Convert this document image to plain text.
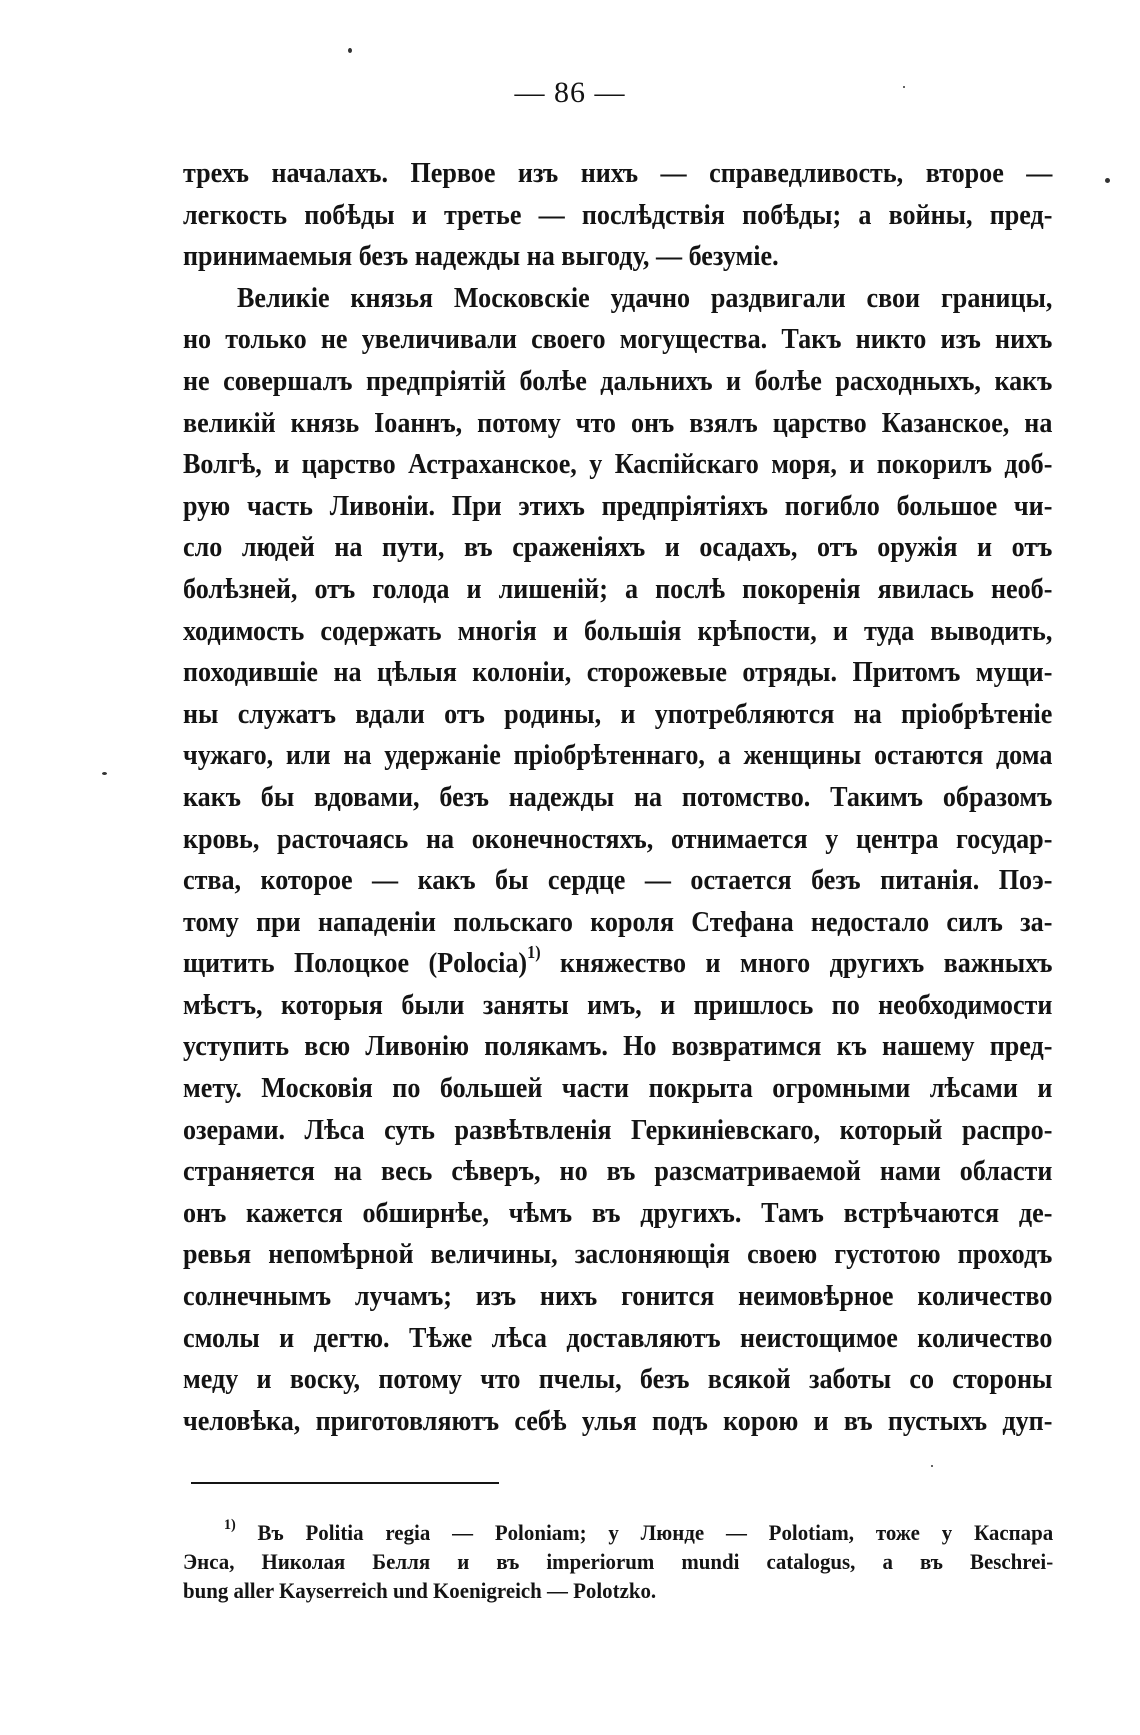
— 86 —
трехъ началахъ. Первое изъ нихъ — справедливость, второе —
легкость побѣды и третье — послѣдствія побѣды; а войны, пред-
принимаемыя безъ надежды на выгоду, — безуміе.
Великіе князья Московскіе удачно раздвигали свои границы,
но только не увеличивали своего могущества. Такъ никто изъ нихъ
не совершалъ предпріятій болѣе дальнихъ и болѣе расходныхъ, какъ
великій князь Іоаннъ, потому что онъ взялъ царство Казанское, на
Волгѣ, и царство Астраханское, у Каспійскаго моря, и покорилъ доб-
рую часть Ливоніи. При этихъ предпріятіяхъ погибло большое чи-
сло людей на пути, въ сраженіяхъ и осадахъ, отъ оружія и отъ
болѣзней, отъ голода и лишеній; а послѣ покоренія явилась необ-
ходимость содержать многія и большія крѣпости, и туда выводить,
походившіе на цѣлыя колоніи, сторожевые отряды. Притомъ мущи-
ны служатъ вдали отъ родины, и употребляются на пріобрѣтеніе
чужаго, или на удержаніе пріобрѣтеннаго, а женщины остаются дома
какъ бы вдовами, безъ надежды на потомство. Такимъ образомъ
кровь, расточаясь на оконечностяхъ, отнимается у центра государ-
ства, которое — какъ бы сердце — остается безъ питанія. Поэ-
тому при нападеніи польскаго короля Стефана недостало силъ за-
щитить Полоцкое (Polocia)$^{1)}$ княжество и много другихъ важныхъ
мѣстъ, которыя были заняты имъ, и пришлось по необходимости
уступить всю Ливонію полякамъ. Но возвратимся къ нашему пред-
мету. Московія по большей части покрыта огромными лѣсами и
озерами. Лѣса суть развѣтвленія Геркиніевскаго, который распро-
страняется на весь сѣверъ, но въ разсматриваемой нами области
онъ кажется обширнѣе, чѣмъ въ другихъ. Тамъ встрѣчаются де-
ревья непомѣрной величины, заслоняющія своею густотою проходъ
солнечнымъ лучамъ; изъ нихъ гонится неимовѣрное количество
смолы и дегтю. Тѣже лѣса доставляютъ неистощимое количество
меду и воску, потому что пчелы, безъ всякой заботы со стороны
человѣка, приготовляютъ себѣ улья подъ корою и въ пустыхъ дуп-
$^{1)}$ Въ Politia regia — Poloniam; у Люнде — Polotiam, тоже у Каспара
Энса, Николая Белля и въ imperiorum mundi catalogus, а въ Beschrei-
bung aller Kayserreich und Koenigreich — Polotzko.
